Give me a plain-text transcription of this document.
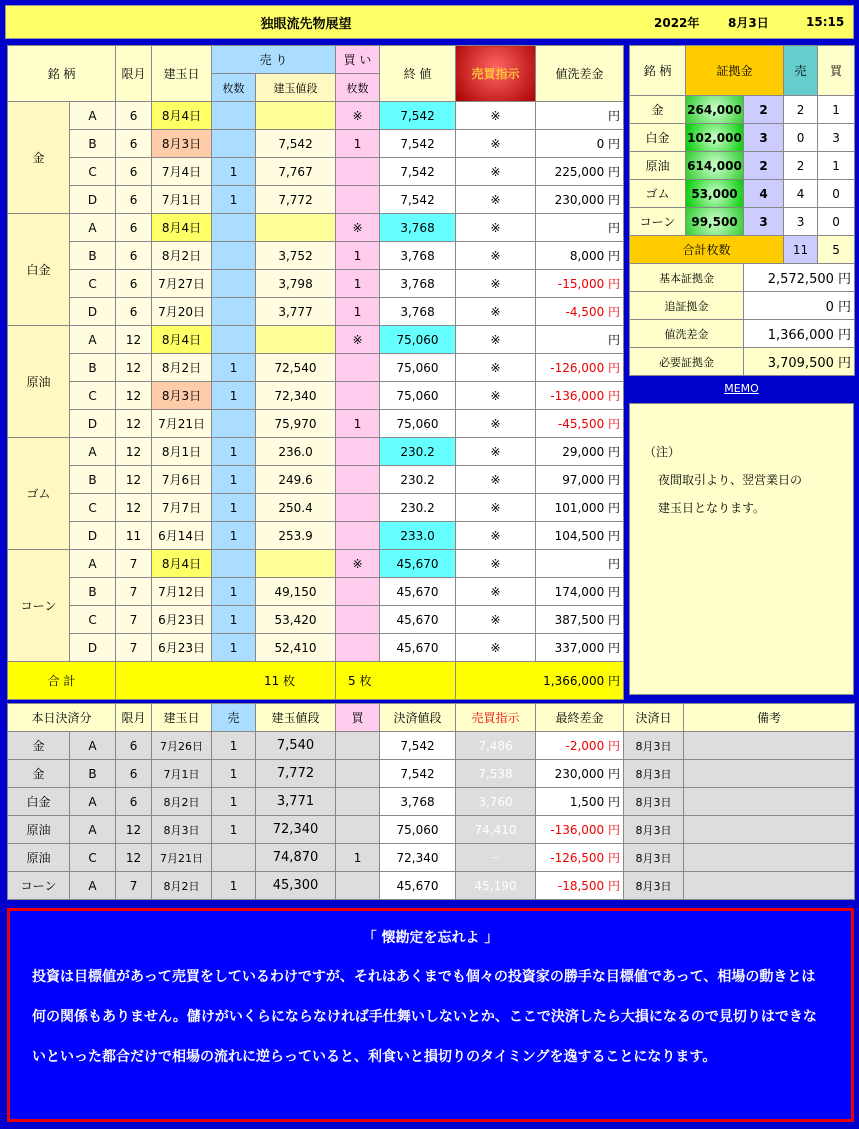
独眼流先物展望	2022年 8月3日	15:15
銘 柄		限月	建玉日	売 り		買 い	終 値	売買指示	値洗差金
				枚数	建玉値段	枚数			
金	A	6	8月4日			※	7,542	※	円
	B	6	8月3日		7,542	1	7,542	※	0 円
	C	6	7月4日	1	7,767		7,542	※	225,000 円
	D	6	7月1日	1	7,772		7,542	※	230,000 円
白金	A	6	8月4日			※	3,768	※	円
	B	6	8月2日		3,752	1	3,768	※	8,000 円
	C	6	7月27日		3,798	1	3,768	※	-15,000 円
	D	6	7月20日		3,777	1	3,768	※	-4,500 円
原油	A	12	8月4日			※	75,060	※	円
	B	12	8月2日	1	72,540		75,060	※	-126,000 円
	C	12	8月3日	1	72,340		75,060	※	-136,000 円
	D	12	7月21日		75,970	1	75,060	※	-45,500 円
ゴム	A	12	8月1日	1	236.0		230.2	※	29,000 円
	B	12	7月6日	1	249.6		230.2	※	97,000 円
	C	12	7月7日	1	250.4		230.2	※	101,000 円
	D	11	6月14日	1	253.9		233.0	※	104,500 円
コーン	A	7	8月4日			※	45,670	※	円
	B	7	7月12日	1	49,150		45,670	※	174,000 円
	C	7	6月23日	1	53,420		45,670	※	387,500 円
	D	7	6月23日	1	52,410		45,670	※	337,000 円
合 計		11 枚				5 枚		1,366,000 円	
銘 柄	証拠金		売	買
金	264,000	2	2	1
白金	102,000	3	0	3
原油	614,000	2	2	1
ゴム	53,000	4	4	0
コーン	99,500	3	3	0
合計枚数			11	5
基本証拠金		2,572,500 円		
追証拠金		0 円		
値洗差金		1,366,000 円		
必要証拠金		3,709,500 円		
MEMO
（注）
夜間取引より、翌営業日の
建玉日となります。
本日決済分		限月	建玉日	売	建玉値段	買	決済値段	売買指示	最終差金	決済日	備考
金	A	6	7月26日	1	7,540		7,542	7,486	-2,000 円	8月3日	
金	B	6	7月1日	1	7,772		7,542	7,538	230,000 円	8月3日	
白金	A	6	8月2日	1	3,771		3,768	3,760	1,500 円	8月3日	
原油	A	12	8月3日	1	72,340		75,060	74,410	-136,000 円	8月3日	
原油	C	12	7月21日		74,870	1	72,340	－	-126,500 円	8月3日	
コーン	A	7	8月2日	1	45,300		45,670	45,190	-18,500 円	8月3日	
「 懐勘定を忘れよ 」
投資は目標値があって売買をしているわけですが、それはあくまでも個々の投資家の勝手な目標値であって、相場の動きとは何の関係もありません。儲けがいくらにならなければ手仕舞いしないとか、ここで決済したら大損になるので見切りはできないといった都合だけで相場の流れに逆らっていると、利食いと損切りのタイミングを逸することになります。
